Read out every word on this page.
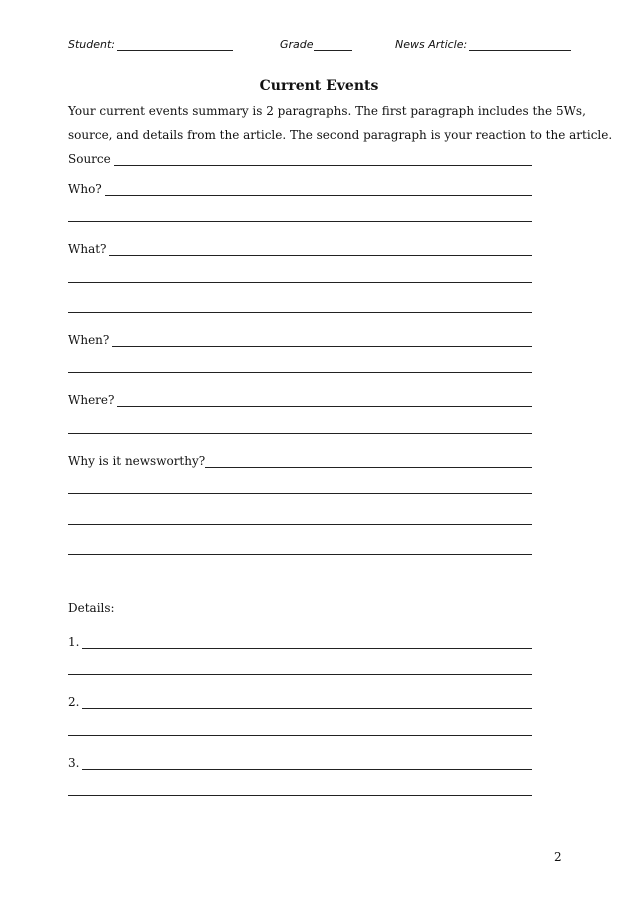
Student:	Grade	News Article:
Current Events
Your current events summary is 2 paragraphs. The first paragraph includes the 5Ws,
source, and details from the article. The second paragraph is your reaction to the article.
Source
Who?
What?
When?
Where?
Why is it newsworthy?
Details:
1.
2.
3.
2
